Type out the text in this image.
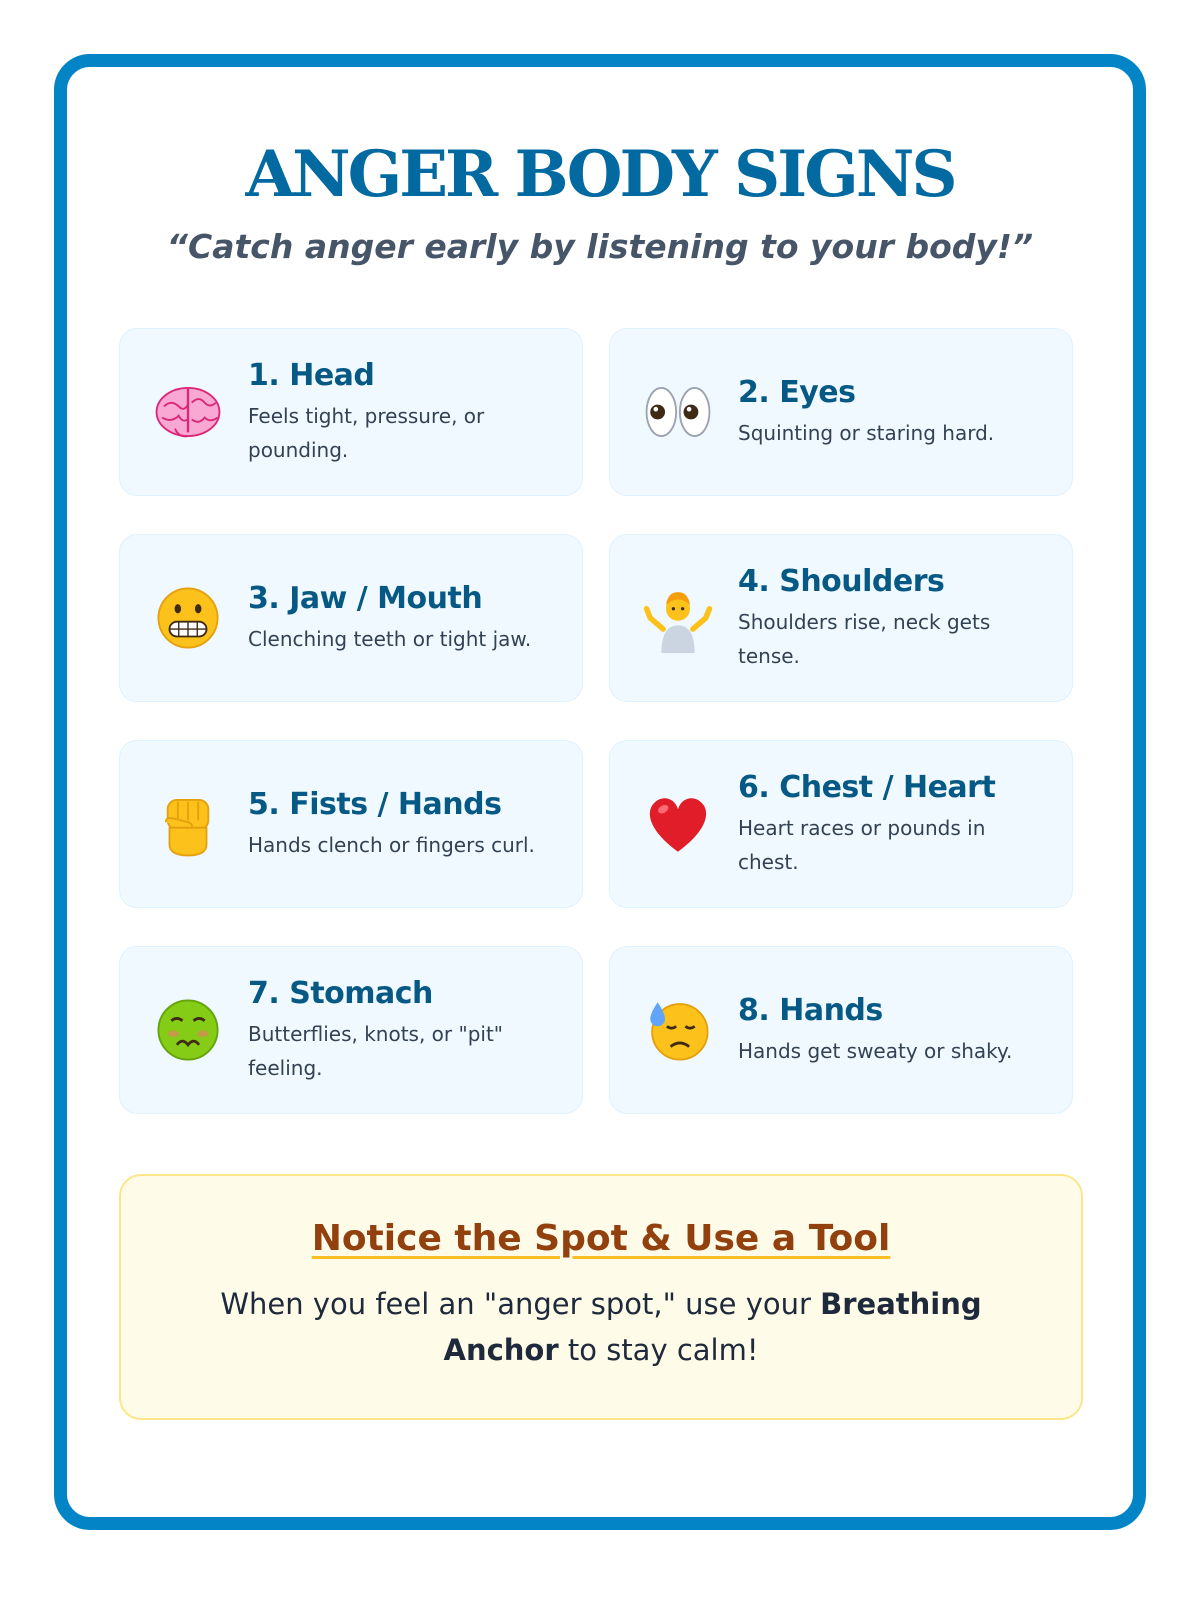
ANGER BODY SIGNS

“Catch anger early by listening to your body!”

1. Head
Feels tight, pressure, or pounding.
2. Eyes
Squinting or staring hard.
3. Jaw / Mouth
Clenching teeth or tight jaw.
4. Shoulders
Shoulders rise, neck gets tense.
5. Fists / Hands
Hands clench or fingers curl.
6. Chest / Heart
Heart races or pounds in chest.
7. Stomach
Butterflies, knots, or "pit" feeling.
8. Hands
Hands get sweaty or shaky.
Notice the Spot & Use a Tool

When you feel an "anger spot," use your Breathing Anchor to stay calm!
